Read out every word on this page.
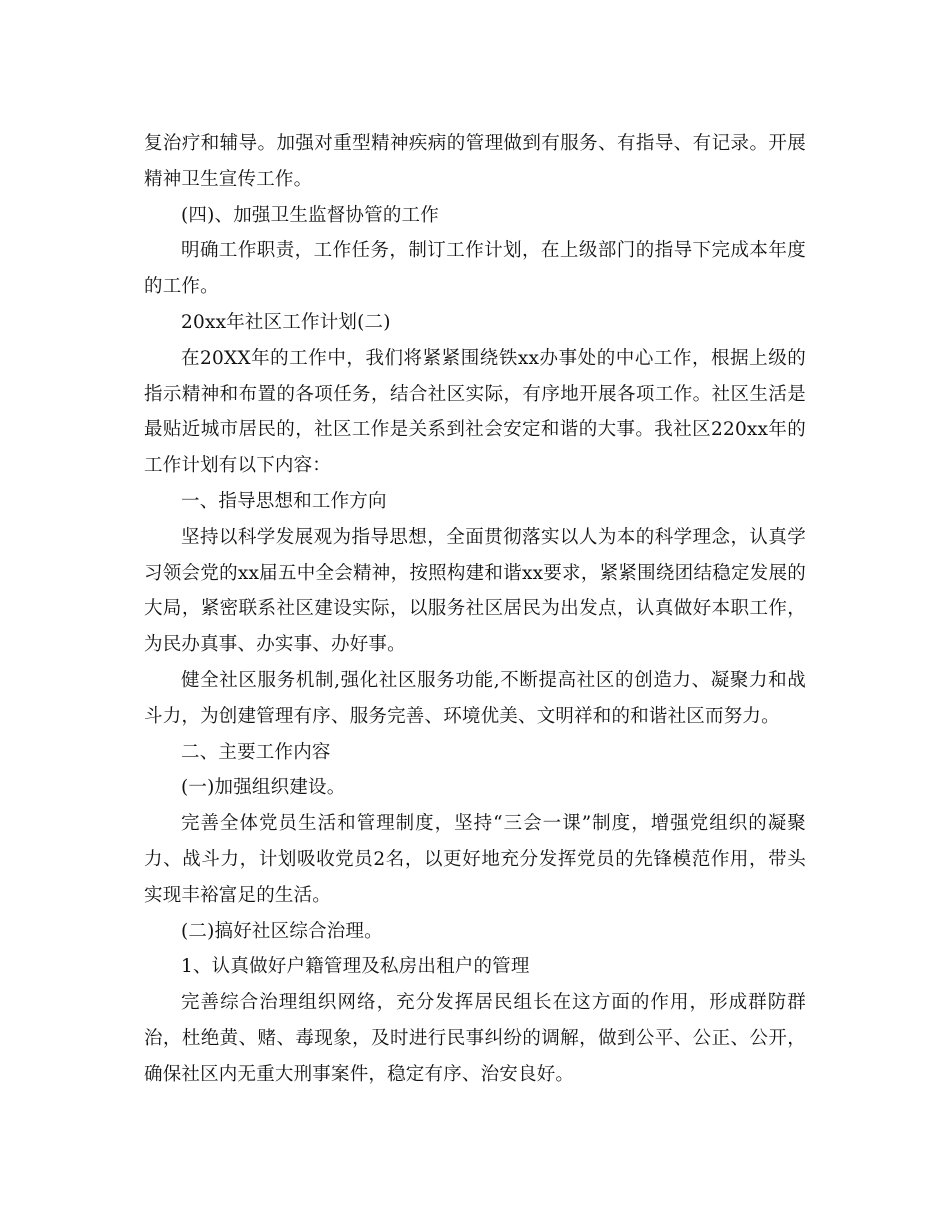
复治疗和辅导。加强对重型精神疾病的管理做到有服务、有指导、有记录。开展精神卫生宣传工作。

(四)、加强卫生监督协管的工作

明确工作职责，工作任务，制订工作计划，在上级部门的指导下完成本年度的工作。

20xx年社区工作计划(二)

在20XX年的工作中，我们将紧紧围绕铁xx办事处的中心工作，根据上级的指示精神和布置的各项任务，结合社区实际，有序地开展各项工作。社区生活是最贴近城市居民的，社区工作是关系到社会安定和谐的大事。我社区220xx年的工作计划有以下内容：

一、指导思想和工作方向

坚持以科学发展观为指导思想，全面贯彻落实以人为本的科学理念，认真学习领会党的xx届五中全会精神，按照构建和谐xx要求，紧紧围绕团结稳定发展的大局，紧密联系社区建设实际，以服务社区居民为出发点，认真做好本职工作，为民办真事、办实事、办好事。

健全社区服务机制,强化社区服务功能,不断提高社区的创造力、凝聚力和战斗力，为创建管理有序、服务完善、环境优美、文明祥和的和谐社区而努力。

二、主要工作内容

(一)加强组织建设。

完善全体党员生活和管理制度，坚持“三会一课”制度，增强党组织的凝聚力、战斗力，计划吸收党员2名，以更好地充分发挥党员的先锋模范作用，带头实现丰裕富足的生活。

(二)搞好社区综合治理。

1、认真做好户籍管理及私房出租户的管理

完善综合治理组织网络，充分发挥居民组长在这方面的作用，形成群防群治，杜绝黄、赌、毒现象，及时进行民事纠纷的调解，做到公平、公正、公开，确保社区内无重大刑事案件，稳定有序、治安良好。
